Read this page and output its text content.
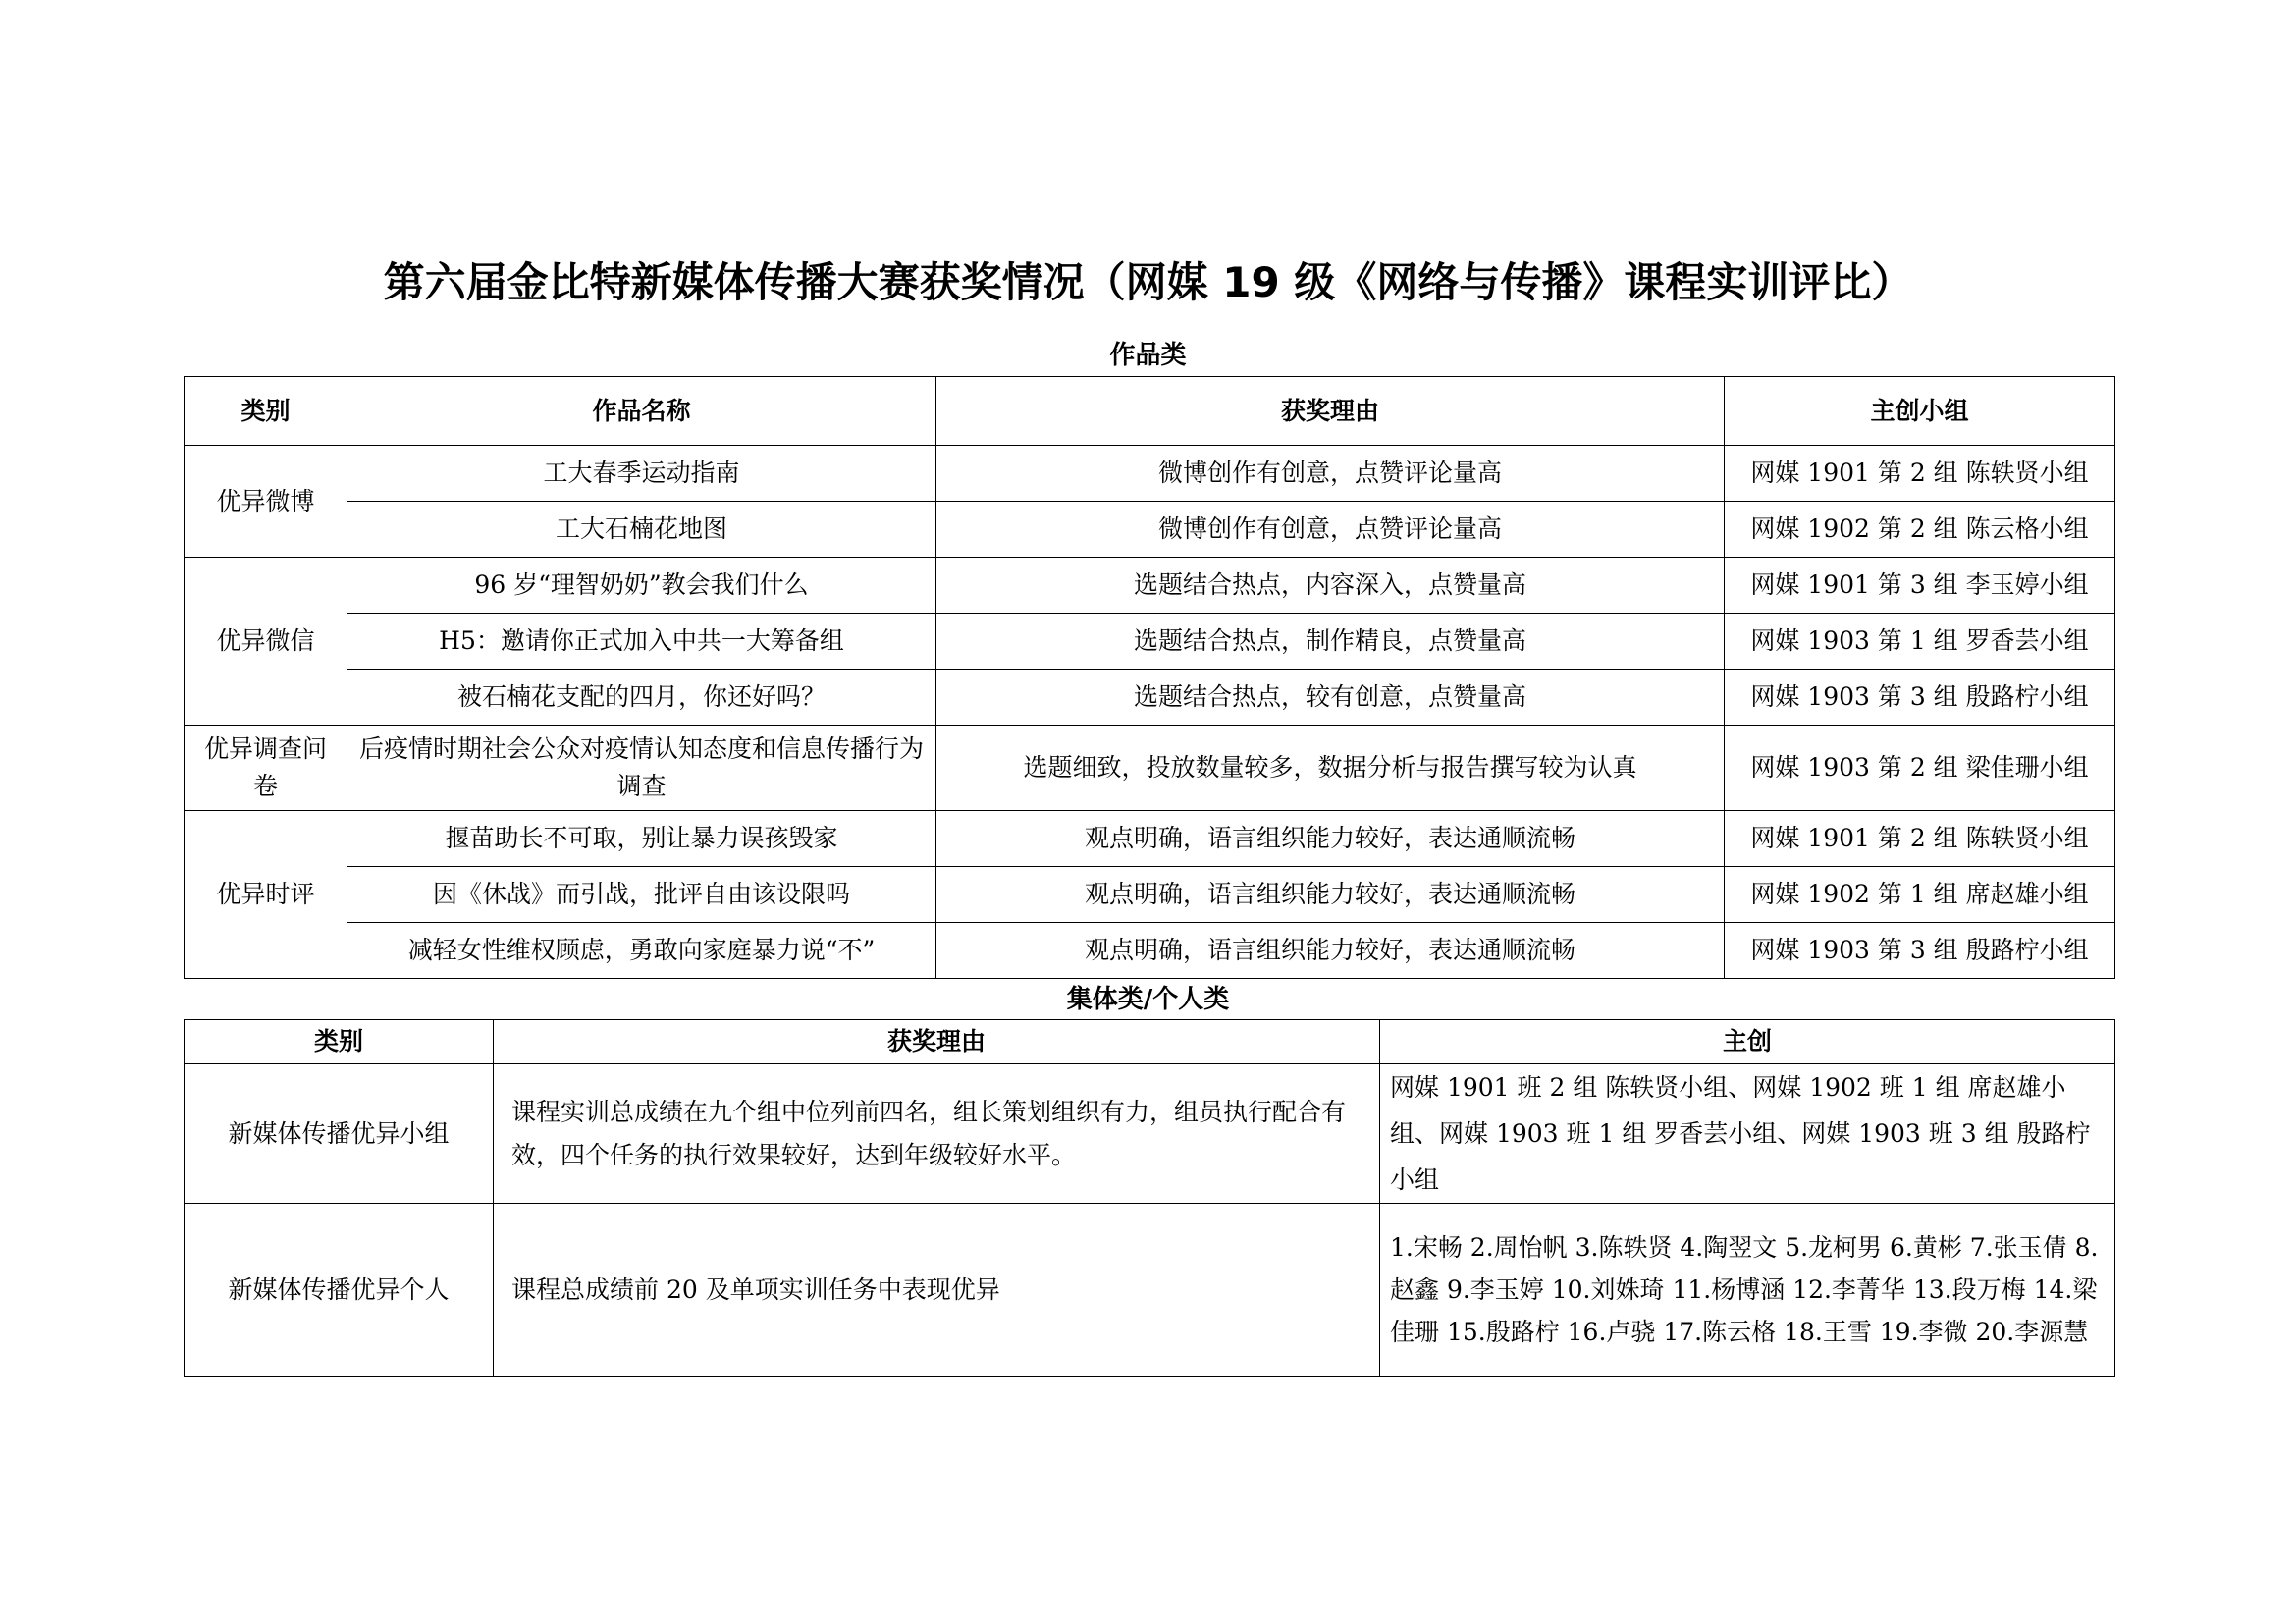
第六届金比特新媒体传播大赛获奖情况（网媒 19 级《网络与传播》课程实训评比）
作品类
类别	作品名称	获奖理由	主创小组
优异微博	工大春季运动指南	微博创作有创意，点赞评论量高	网媒 1901 第 2 组 陈轶贤小组
	工大石楠花地图	微博创作有创意，点赞评论量高	网媒 1902 第 2 组 陈云格小组
优异微信	96 岁“理智奶奶”教会我们什么	选题结合热点，内容深入，点赞量高	网媒 1901 第 3 组 李玉婷小组
	H5：邀请你正式加入中共一大筹备组	选题结合热点，制作精良，点赞量高	网媒 1903 第 1 组 罗香芸小组
	被石楠花支配的四月，你还好吗？	选题结合热点，较有创意，点赞量高	网媒 1903 第 3 组 殷路柠小组
优异调查问卷	后疫情时期社会公众对疫情认知态度和信息传播行为调查	选题细致，投放数量较多，数据分析与报告撰写较为认真	网媒 1903 第 2 组 梁佳珊小组
优异时评	揠苗助长不可取，别让暴力误孩毁家	观点明确，语言组织能力较好，表达通顺流畅	网媒 1901 第 2 组 陈轶贤小组
	因《休战》而引战，批评自由该设限吗	观点明确，语言组织能力较好，表达通顺流畅	网媒 1902 第 1 组 席赵雄小组
	减轻女性维权顾虑，勇敢向家庭暴力说“不”	观点明确，语言组织能力较好，表达通顺流畅	网媒 1903 第 3 组 殷路柠小组
集体类/个人类
类别	获奖理由	主创
新媒体传播优异小组	课程实训总成绩在九个组中位列前四名，组长策划组织有力，组员执行配合有效，四个任务的执行效果较好，达到年级较好水平。	网媒 1901 班 2 组 陈轶贤小组、网媒 1902 班 1 组 席赵雄小组、网媒 1903 班 1 组 罗香芸小组、网媒 1903 班 3 组 殷路柠小组
新媒体传播优异个人	课程总成绩前 20 及单项实训任务中表现优异	1.宋畅 2.周怡帆 3.陈轶贤 4.陶翌文 5.龙柯男 6.黄彬 7.张玉倩 8.赵鑫 9.李玉婷 10.刘姝琦 11.杨博涵 12.李菁华 13.段万梅 14.梁佳珊 15.殷路柠 16.卢骁 17.陈云格 18.王雪 19.李微 20.李源慧
